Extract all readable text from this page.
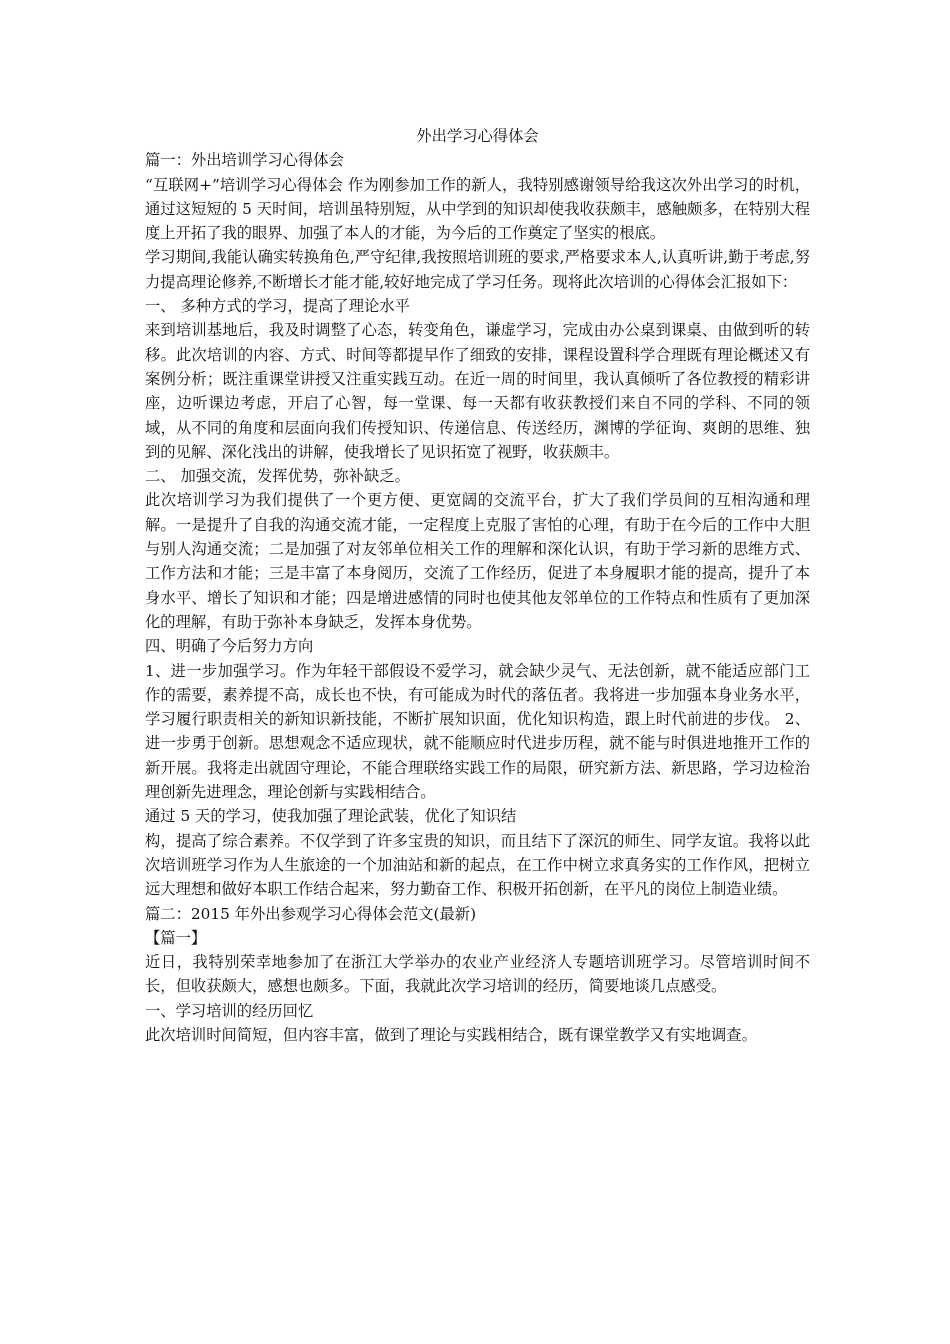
外出学习心得体会

篇一：外出培训学习心得体会

“互联网+”培训学习心得体会 作为刚参加工作的新人，我特别感谢领导给我这次外出学习的时机，通过这短短的 5 天时间，培训虽特别短，从中学到的知识却使我收获颇丰，感触颇多，在特别大程度上开拓了我的眼界、加强了本人的才能，为今后的工作奠定了坚实的根底。

学习期间,我能认确实转换角色,严守纪律,我按照培训班的要求,严格要求本人,认真听讲,勤于考虑,努力提高理论修养,不断增长才能才能,较好地完成了学习任务。现将此次培训的心得体会汇报如下：

一、 多种方式的学习，提高了理论水平

来到培训基地后，我及时调整了心态，转变角色，谦虚学习，完成由办公桌到课桌、由做到听的转移。此次培训的内容、方式、时间等都提早作了细致的安排，课程设置科学合理既有理论概述又有案例分析；既注重课堂讲授又注重实践互动。在近一周的时间里，我认真倾听了各位教授的精彩讲座，边听课边考虑，开启了心智，每一堂课、每一天都有收获教授们来自不同的学科、不同的领域，从不同的角度和层面向我们传授知识、传递信息、传送经历，渊博的学征询、爽朗的思维、独到的见解、深化浅出的讲解，使我增长了见识拓宽了视野，收获颇丰。

二、 加强交流，发挥优势，弥补缺乏。

此次培训学习为我们提供了一个更方便、更宽阔的交流平台，扩大了我们学员间的互相沟通和理解。一是提升了自我的沟通交流才能，一定程度上克服了害怕的心理，有助于在今后的工作中大胆与别人沟通交流；二是加强了对友邻单位相关工作的理解和深化认识，有助于学习新的思维方式、工作方法和才能；三是丰富了本身阅历，交流了工作经历，促进了本身履职才能的提高，提升了本身水平、增长了知识和才能；四是增进感情的同时也使其他友邻单位的工作特点和性质有了更加深化的理解，有助于弥补本身缺乏，发挥本身优势。

四、明确了今后努力方向

1、进一步加强学习。作为年轻干部假设不爱学习，就会缺少灵气、无法创新，就不能适应部门工作的需要，素养提不高，成长也不快，有可能成为时代的落伍者。我将进一步加强本身业务水平，学习履行职责相关的新知识新技能，不断扩展知识面，优化知识构造，跟上时代前进的步伐。 2、进一步勇于创新。思想观念不适应现状，就不能顺应时代进步历程，就不能与时俱进地推开工作的新开展。我将走出就固守理论，不能合理联络实践工作的局限，研究新方法、新思路，学习边检治理创新先进理念，理论创新与实践相结合。

通过 5 天的学习，使我加强了理论武装，优化了知识结

构，提高了综合素养。不仅学到了许多宝贵的知识，而且结下了深沉的师生、同学友谊。我将以此次培训班学习作为人生旅途的一个加油站和新的起点，在工作中树立求真务实的工作作风，把树立远大理想和做好本职工作结合起来，努力勤奋工作、积极开拓创新，在平凡的岗位上制造业绩。

篇二：2015 年外出参观学习心得体会范文(最新)

【篇一】

近日，我特别荣幸地参加了在浙江大学举办的农业产业经济人专题培训班学习。尽管培训时间不长，但收获颇大，感想也颇多。下面，我就此次学习培训的经历，简要地谈几点感受。

一、学习培训的经历回忆

此次培训时间简短，但内容丰富，做到了理论与实践相结合，既有课堂教学又有实地调查。
